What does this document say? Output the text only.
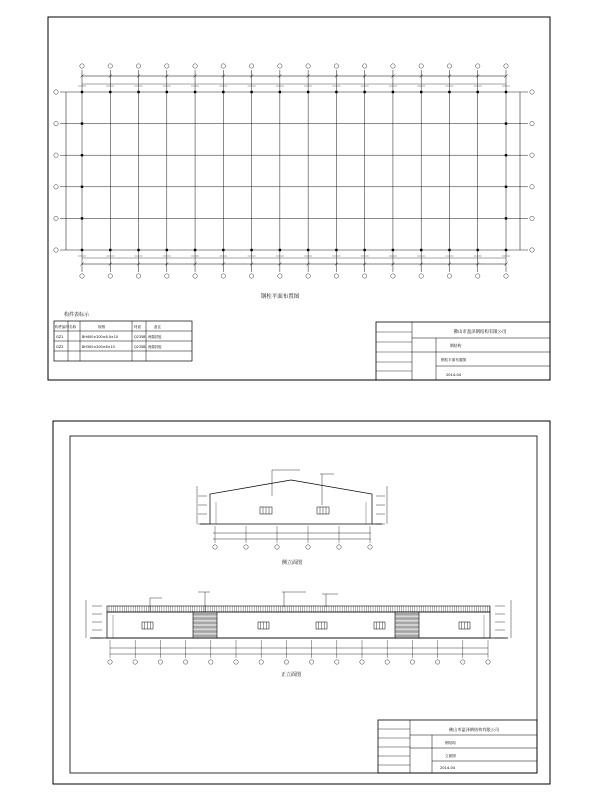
钢柱平面布置图
构件表标示
构件编号 名称	规格	材质	备注
GZ1	BH400×200×6.0×10	Q235B 两端封板
GZ2	BH300×200×6×10	Q235B 两端封板
佛山市盈泽钢结构有限公司
钢结构
钢柱平面布置图
2014-04
侧立面图
正立面图
佛山市盈泽钢结构有限公司
钢结构
立面图
2014-04
